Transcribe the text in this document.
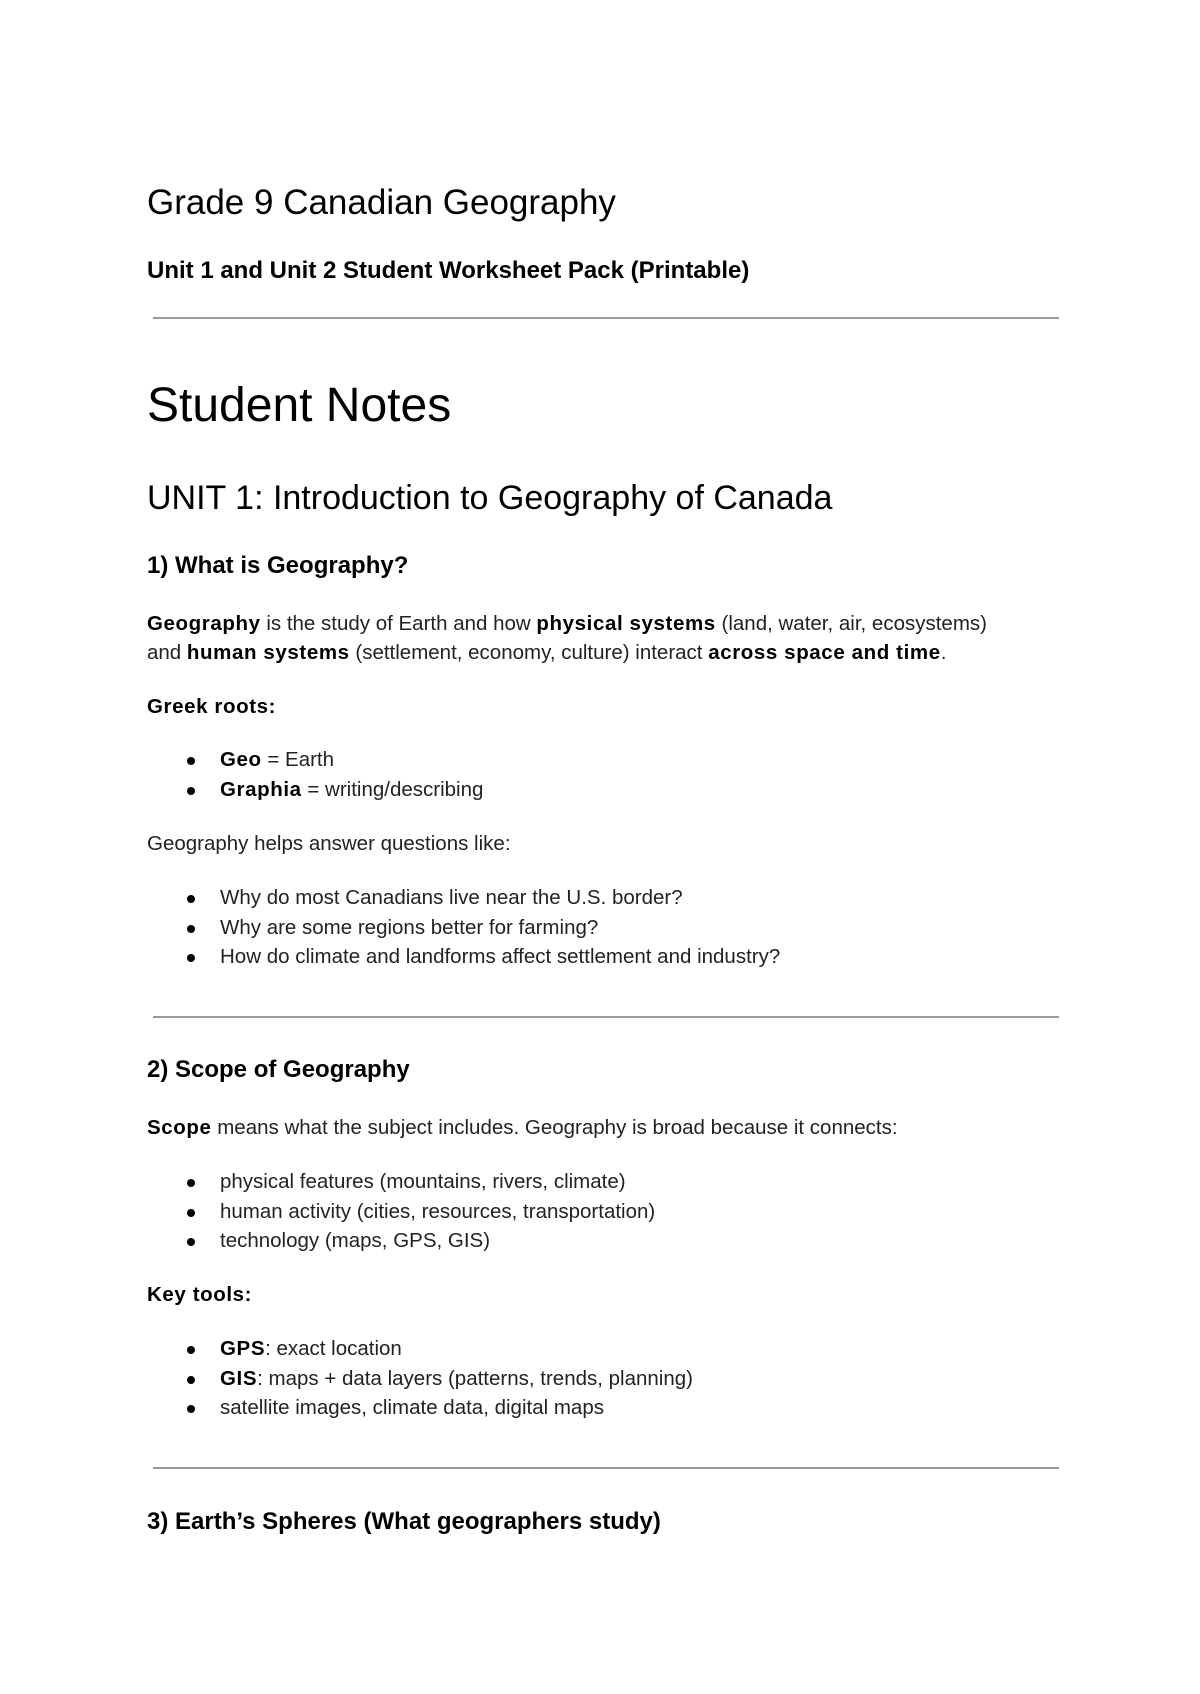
Grade 9 Canadian Geography
Unit 1 and Unit 2 Student Worksheet Pack (Printable)
Student Notes
UNIT 1: Introduction to Geography of Canada
1) What is Geography?

Geography is the study of Earth and how physical systems (land, water, air, ecosystems)
and human systems (settlement, economy, culture) interact across space and time.

Greek roots:
Geo = Earth
Graphia = writing/describing

Geography helps answer questions like:

Why do most Canadians live near the U.S. border?
Why are some regions better for farming?
How do climate and landforms affect settlement and industry?
2) Scope of Geography

Scope means what the subject includes. Geography is broad because it connects:

physical features (mountains, rivers, climate)
human activity (cities, resources, transportation)
technology (maps, GPS, GIS)
Key tools:
GPS: exact location
GIS: maps + data layers (patterns, trends, planning)
satellite images, climate data, digital maps
3) Earth’s Spheres (What geographers study)
